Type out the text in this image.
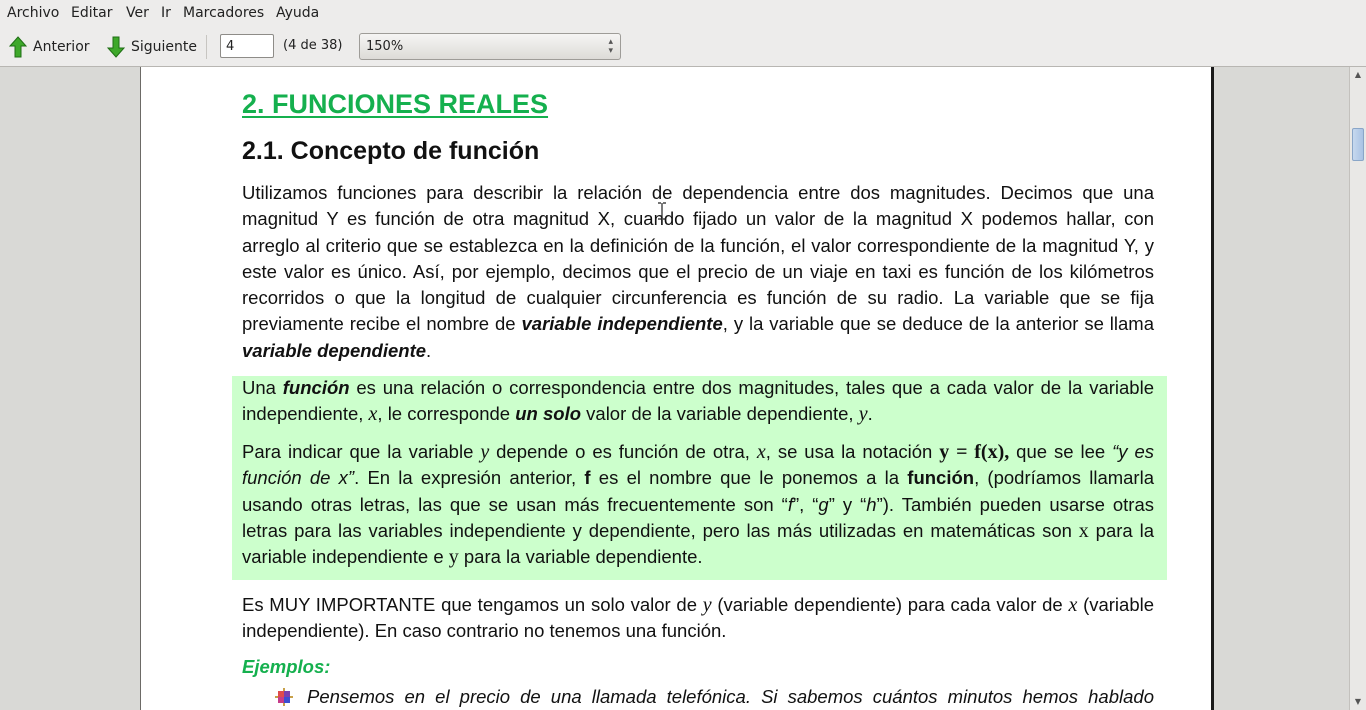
Archivo Editar Ver Ir Marcadores Ayuda
Anterior	Siguiente
4	(4 de 38) 150%	▴
▾
2. FUNCIONES REALES
2.1. Concepto de función
Utilizamos funciones para describir la relación de dependencia entre dos magnitudes. Decimos que una magnitud Y es función de otra magnitud X, cuando fijado un valor de la magnitud X podemos hallar, con arreglo al criterio que se establezca en la definición de la función, el valor correspondiente de la magnitud Y, y este valor es único. Así, por ejemplo, decimos que el precio de un viaje en taxi es función de los kilómetros recorridos o que la longitud de cualquier circunferencia es función de su radio. La variable que se fija previamente recibe el nombre de variable independiente, y la variable que se deduce de la anterior se llama variable dependiente.
Una función es una relación o correspondencia entre dos magnitudes, tales que a cada valor de la variable independiente, x, le corresponde un solo valor de la variable dependiente, y.
Para indicar que la variable y depende o es función de otra, x, se usa la notación y = f(x), que se lee “y es función de x”. En la expresión anterior, f es el nombre que le ponemos a la función, (podríamos llamarla usando otras letras, las que se usan más frecuentemente son “f”, “g” y “h”). También pueden usarse otras letras para las variables independiente y dependiente, pero las más utilizadas en matemáticas son x para la variable independiente e y para la variable dependiente.
Es MUY IMPORTANTE que tengamos un solo valor de y (variable dependiente) para cada valor de x (variable independiente). En caso contrario no tenemos una función.
Ejemplos:
Pensemos en el precio de una llamada telefónica. Si sabemos cuántos minutos hemos hablado
▲
▼
